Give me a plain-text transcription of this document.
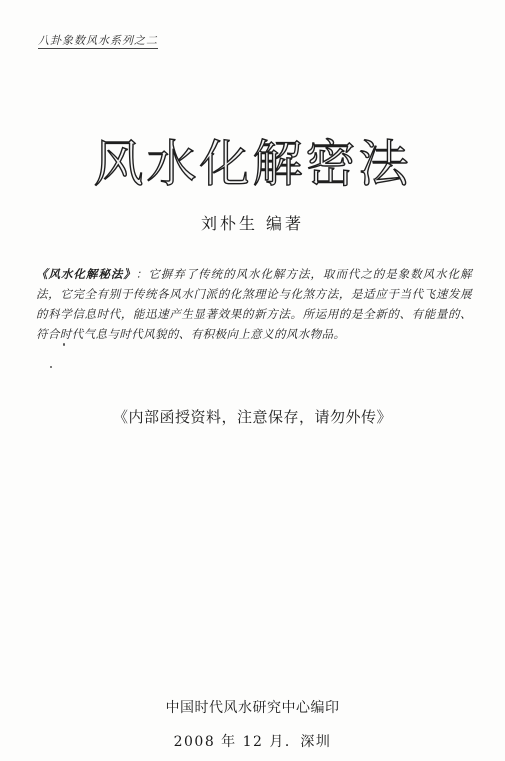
八卦象数风水系列之二
风水化解密法
刘朴生 编著
《风水化解秘法》：它摒弃了传统的风水化解方法，取而代之的是象数风水化解法，它完全有别于传统各风水门派的化煞理论与化煞方法，是适应于当代飞速发展的科学信息时代，能迅速产生显著效果的新方法。所运用的是全新的、有能量的、符合时代气息与时代风貌的、有积极向上意义的风水物品。
《内部函授资料，注意保存，请勿外传》
中国时代风水研究中心编印
2008 年 12 月．深圳
